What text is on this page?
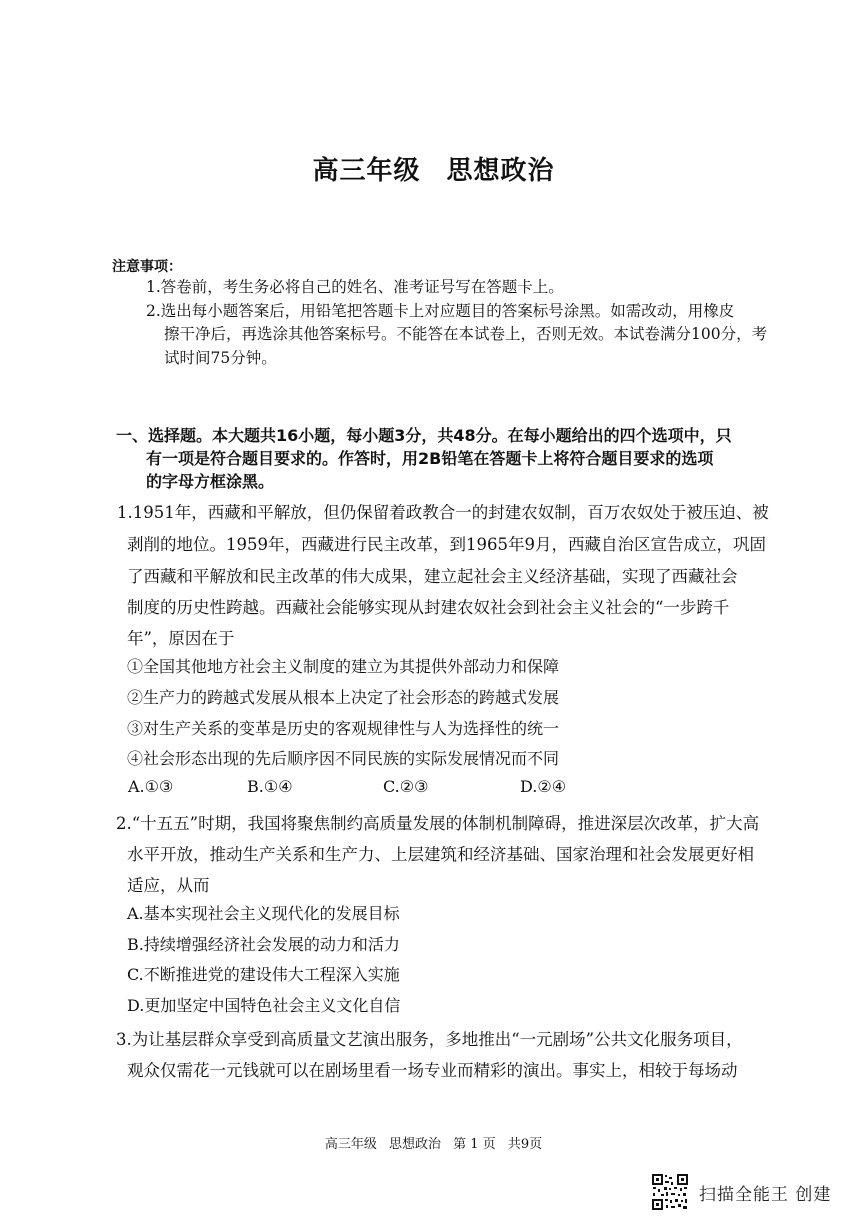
高三年级 思想政治
注意事项：
1.答卷前，考生务必将自己的姓名、准考证号写在答题卡上。
2.选出每小题答案后，用铅笔把答题卡上对应题目的答案标号涂黑。如需改动，用橡皮
擦干净后，再选涂其他答案标号。不能答在本试卷上，否则无效。本试卷满分100分，考
试时间75分钟。
一、选择题。本大题共16小题，每小题3分，共48分。在每小题给出的四个选项中，只
有一项是符合题目要求的。作答时，用2B铅笔在答题卡上将符合题目要求的选项
的字母方框涂黑。
1.1951年，西藏和平解放，但仍保留着政教合一的封建农奴制，百万农奴处于被压迫、被
剥削的地位。1959年，西藏进行民主改革，到1965年9月，西藏自治区宣告成立，巩固
了西藏和平解放和民主改革的伟大成果，建立起社会主义经济基础，实现了西藏社会
制度的历史性跨越。西藏社会能够实现从封建农奴社会到社会主义社会的“一步跨千
年”，原因在于
①全国其他地方社会主义制度的建立为其提供外部动力和保障
②生产力的跨越式发展从根本上决定了社会形态的跨越式发展
③对生产关系的变革是历史的客观规律性与人为选择性的统一
④社会形态出现的先后顺序因不同民族的实际发展情况而不同
A.①③	B.①④	C.②③	D.②④
2.“十五五”时期，我国将聚焦制约高质量发展的体制机制障碍，推进深层次改革，扩大高
水平开放，推动生产关系和生产力、上层建筑和经济基础、国家治理和社会发展更好相
适应，从而
A.基本实现社会主义现代化的发展目标
B.持续增强经济社会发展的动力和活力
C.不断推进党的建设伟大工程深入实施
D.更加坚定中国特色社会主义文化自信
3.为让基层群众享受到高质量文艺演出服务，多地推出“一元剧场”公共文化服务项目，
观众仅需花一元钱就可以在剧场里看一场专业而精彩的演出。事实上，相较于每场动
高三年级 思想政治 第 1 页 共9页
扫描全能王 创建
